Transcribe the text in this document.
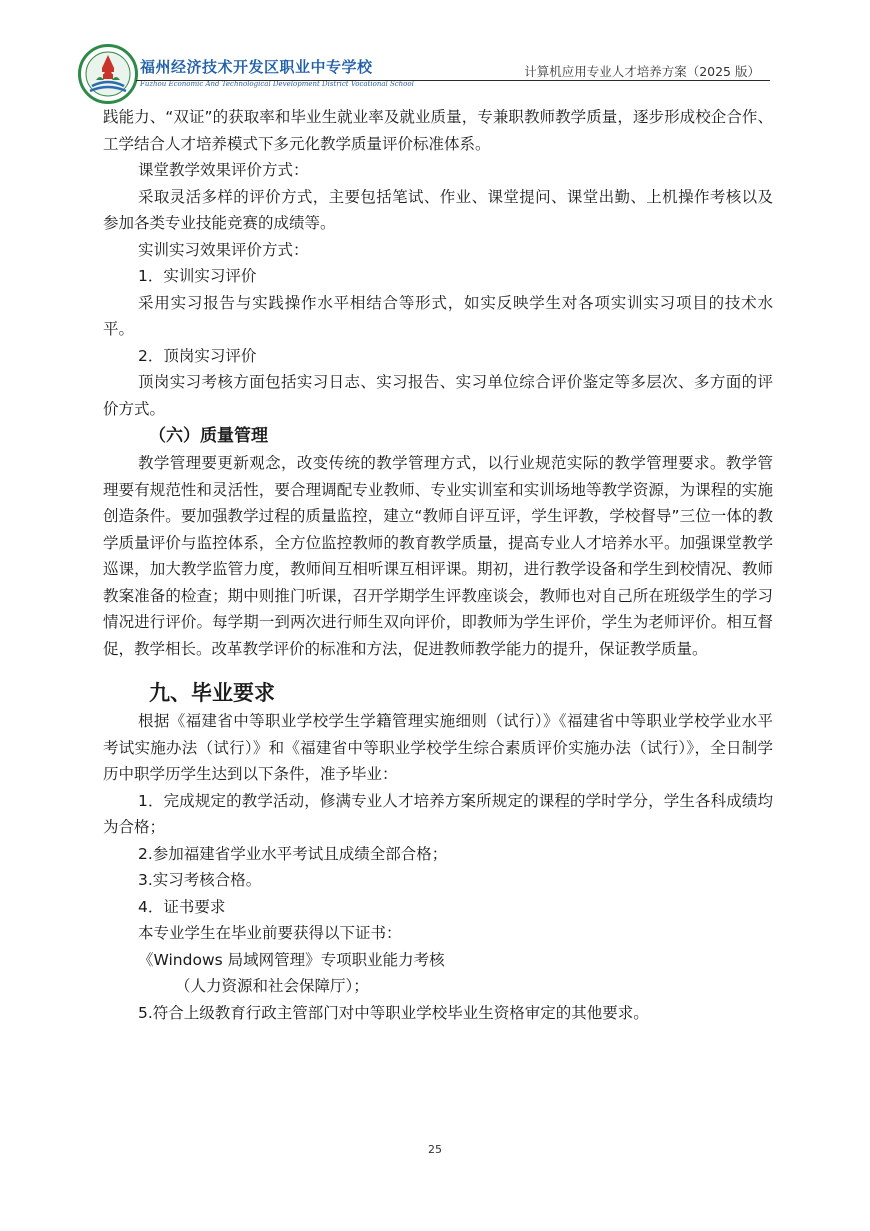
福州经济技术开发区职业中专学校
Fuzhou Economic And Technological Development District Vocational School
计算机应用专业人才培养方案（2025 版）

践能力、“双证”的获取率和毕业生就业率及就业质量，专兼职教师教学质量，逐步形成校企合作、工学结合人才培养模式下多元化教学质量评价标准体系。

课堂教学效果评价方式：

采取灵活多样的评价方式，主要包括笔试、作业、课堂提问、课堂出勤、上机操作考核以及参加各类专业技能竞赛的成绩等。

实训实习效果评价方式：

1．实训实习评价

采用实习报告与实践操作水平相结合等形式，如实反映学生对各项实训实习项目的技术水平。

2．顶岗实习评价

顶岗实习考核方面包括实习日志、实习报告、实习单位综合评价鉴定等多层次、多方面的评价方式。

（六）质量管理

教学管理要更新观念，改变传统的教学管理方式，以行业规范实际的教学管理要求。教学管理要有规范性和灵活性，要合理调配专业教师、专业实训室和实训场地等教学资源，为课程的实施创造条件。要加强教学过程的质量监控，建立“教师自评互评，学生评教，学校督导”三位一体的教学质量评价与监控体系，全方位监控教师的教育教学质量，提高专业人才培养水平。加强课堂教学巡课，加大教学监管力度，教师间互相听课互相评课。期初，进行教学设备和学生到校情况、教师教案准备的检查；期中则推门听课，召开学期学生评教座谈会，教师也对自己所在班级学生的学习情况进行评价。每学期一到两次进行师生双向评价，即教师为学生评价，学生为老师评价。相互督促，教学相长。改革教学评价的标准和方法，促进教师教学能力的提升，保证教学质量。

九、毕业要求

根据《福建省中等职业学校学生学籍管理实施细则（试行）》《福建省中等职业学校学业水平考试实施办法（试行）》和《福建省中等职业学校学生综合素质评价实施办法（试行）》，全日制学历中职学历学生达到以下条件，准予毕业：

1．完成规定的教学活动，修满专业人才培养方案所规定的课程的学时学分，学生各科成绩均为合格；

2.参加福建省学业水平考试且成绩全部合格；

3.实习考核合格。

4．证书要求

本专业学生在毕业前要获得以下证书：

《Windows 局域网管理》专项职业能力考核

（人力资源和社会保障厅）；

5.符合上级教育行政主管部门对中等职业学校毕业生资格审定的其他要求。

25
